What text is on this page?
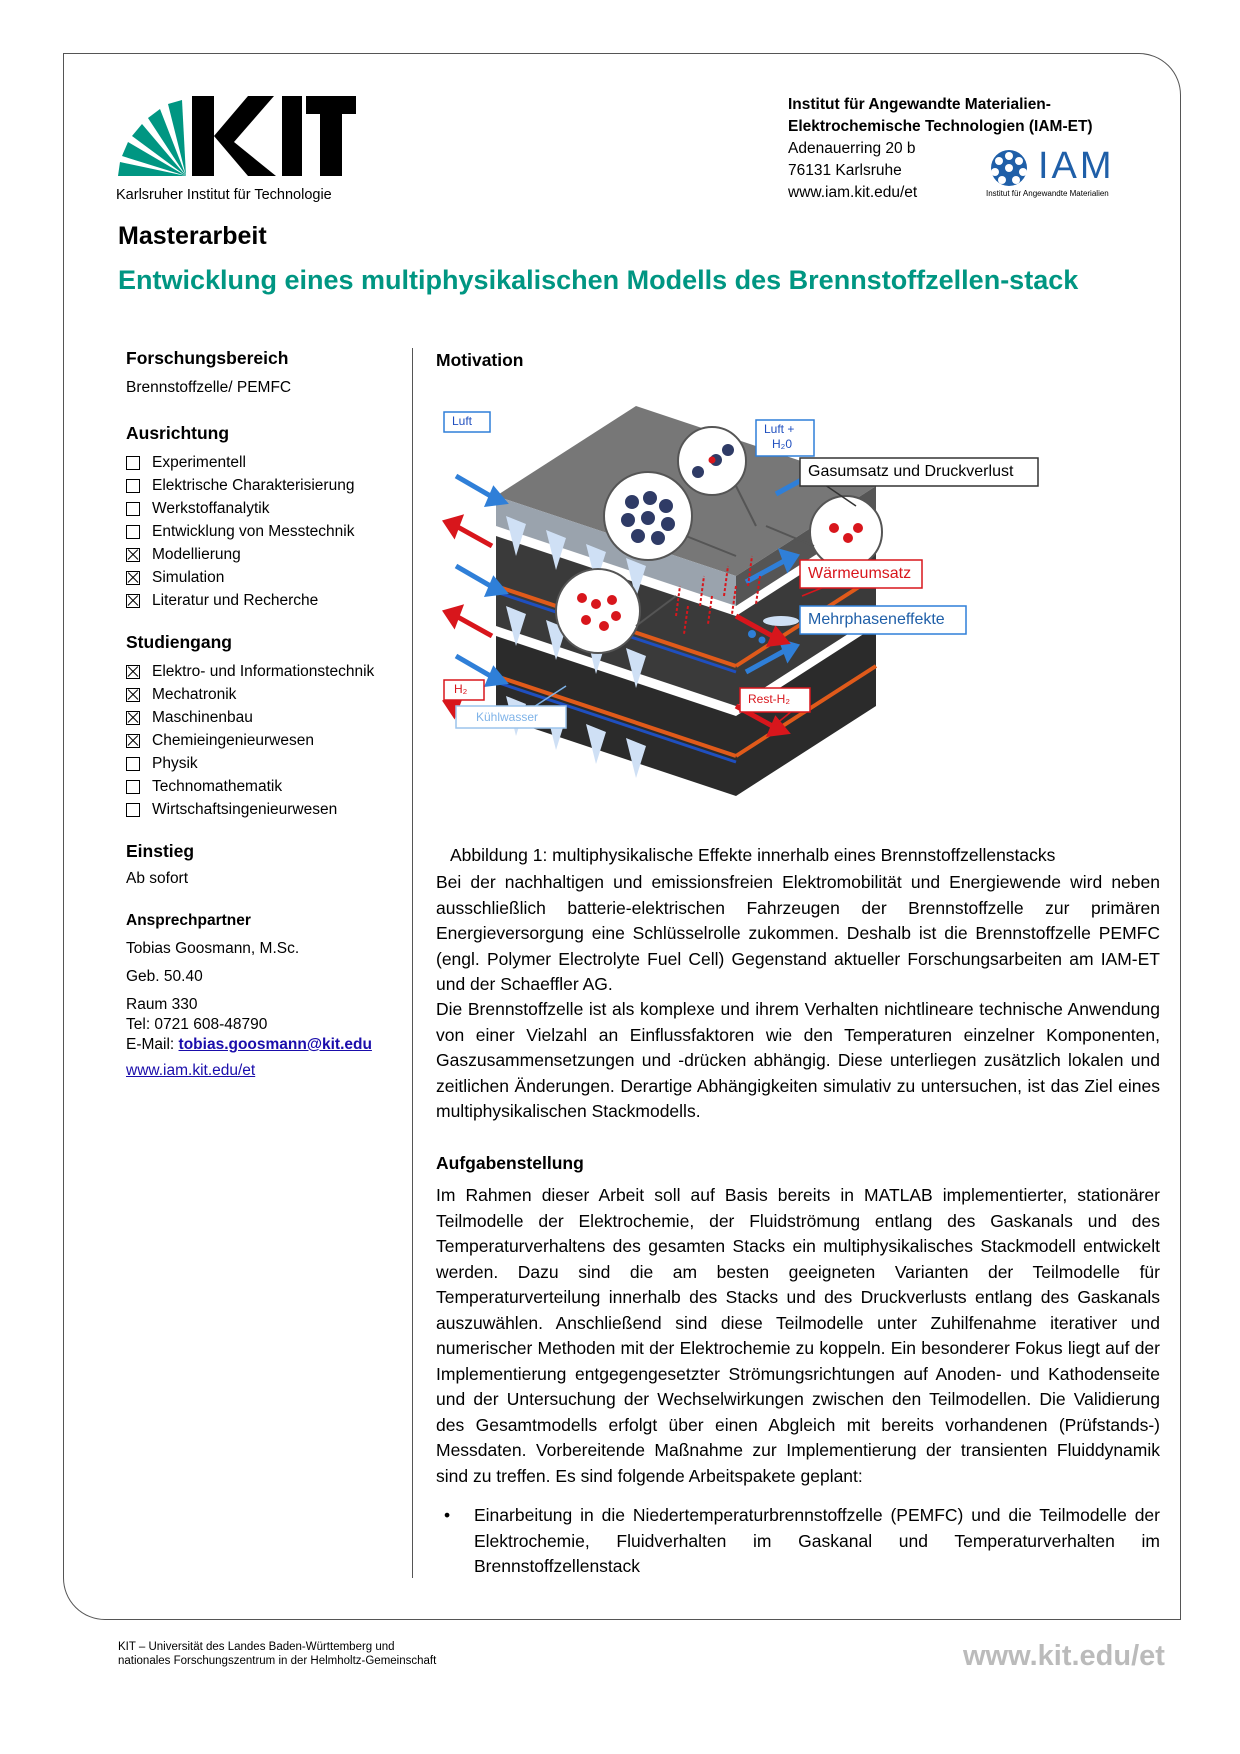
Karlsruher Institut für Technologie
Institut für Angewandte Materialien-
Elektrochemische Technologien (IAM-ET)
Adenauerring 20 b
76131 Karlsruhe
www.iam.kit.edu/et
IAM
Institut für Angewandte Materialien
Masterarbeit
Entwicklung eines multiphysikalischen Modells des Brennstoffzellen-stack
Forschungsbereich
Brennstoffzelle/ PEMFC
Ausrichtung
Experimentell
Elektrische Charakterisierung
Werkstoffanalytik
Entwicklung von Messtechnik
Modellierung
Simulation
Literatur und Recherche
Studiengang
Elektro- und Informationstechnik
Mechatronik
Maschinenbau
Chemieingenieurwesen
Physik
Technomathematik
Wirtschaftsingenieurwesen
Einstieg
Ab sofort
Ansprechpartner
Tobias Goosmann, M.Sc.
Geb. 50.40
Raum 330
Tel: 0721 608-48790
E-Mail: tobias.goosmann@kit.edu
www.iam.kit.edu/et
Motivation
Luft
Luft +
H₂0
Gasumsatz und Druckverlust
Wärmeumsatz
Mehrphaseneffekte
H₂
Kühlwasser
Rest-H₂
Abbildung 1: multiphysikalische Effekte innerhalb eines Brennstoffzellenstacks
Bei der nachhaltigen und emissionsfreien Elektromobilität und Energiewende wird neben ausschließlich batterie-elektrischen Fahrzeugen der Brennstoffzelle zur primären Energieversorgung eine Schlüsselrolle zukommen. Deshalb ist die Brennstoffzelle PEMFC (engl. Polymer Electrolyte Fuel Cell) Gegenstand aktueller Forschungsarbeiten am IAM-ET und der Schaeffler AG.
Die Brennstoffzelle ist als komplexe und ihrem Verhalten nichtlineare technische Anwendung von einer Vielzahl an Einflussfaktoren wie den Temperaturen einzelner Komponenten, Gaszusammensetzungen und -drücken abhängig. Diese unterliegen zusätzlich lokalen und zeitlichen Änderungen. Derartige Abhängigkeiten simulativ zu untersuchen, ist das Ziel eines multiphysikalischen Stackmodells.
Aufgabenstellung
Im Rahmen dieser Arbeit soll auf Basis bereits in MATLAB implementierter, stationärer Teilmodelle der Elektrochemie, der Fluidströmung entlang des Gaskanals und des Temperaturverhaltens des gesamten Stacks ein multiphysikalisches Stackmodell entwickelt werden. Dazu sind die am besten geeigneten Varianten der Teilmodelle für Temperaturverteilung innerhalb des Stacks und des Druckverlusts entlang des Gaskanals auszuwählen. Anschließend sind diese Teilmodelle unter Zuhilfenahme iterativer und numerischer Methoden mit der Elektrochemie zu koppeln. Ein besonderer Fokus liegt auf der Implementierung entgegengesetzter Strömungsrichtungen auf Anoden- und Kathodenseite und der Untersuchung der Wechselwirkungen zwischen den Teilmodellen. Die Validierung des Gesamtmodells erfolgt über einen Abgleich mit bereits vorhandenen (Prüfstands-) Messdaten. Vorbereitende Maßnahme zur Implementierung der transienten Fluiddynamik sind zu treffen. Es sind folgende Arbeitspakete geplant:
•	Einarbeitung in die Niedertemperaturbrennstoffzelle (PEMFC) und die Teilmodelle der Elektrochemie, Fluidverhalten im Gaskanal und Temperaturverhalten im Brennstoffzellenstack
KIT – Universität des Landes Baden-Württemberg und
nationales Forschungszentrum in der Helmholtz-Gemeinschaft	www.kit.edu/et
